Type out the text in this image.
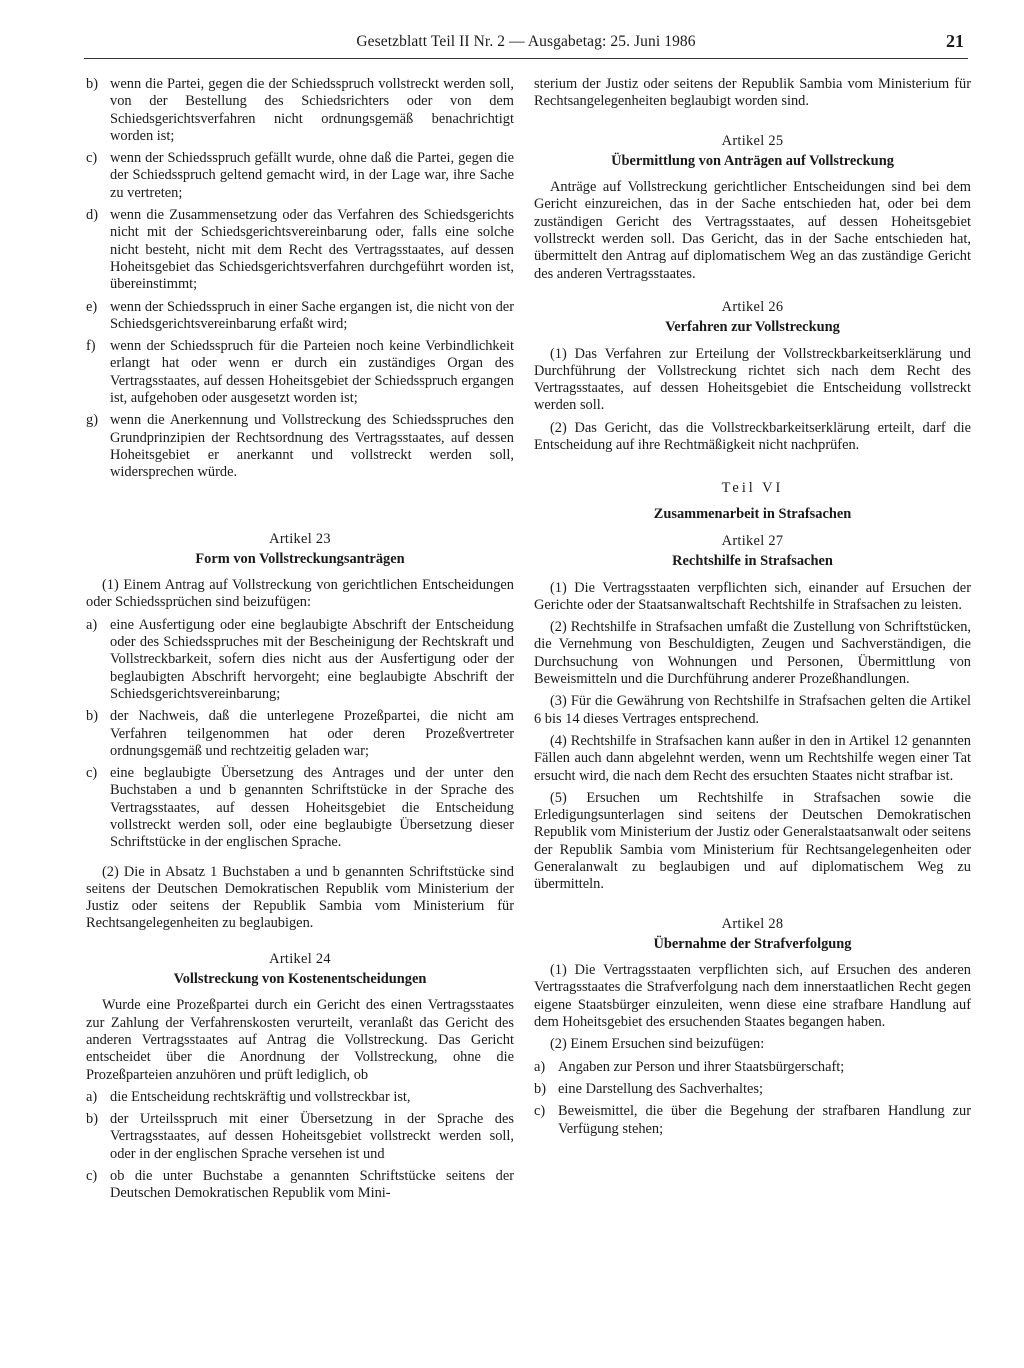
Gesetzblatt Teil II Nr. 2 — Ausgabetag: 25. Juni 1986	21
b) wenn die Partei, gegen die der Schiedsspruch vollstreckt werden soll, von der Bestellung des Schiedsrichters oder von dem Schiedsgerichtsverfahren nicht ordnungsgemäß benachrichtigt worden ist;
c) wenn der Schiedsspruch gefällt wurde, ohne daß die Partei, gegen die der Schiedsspruch geltend gemacht wird, in der Lage war, ihre Sache zu vertreten;
d) wenn die Zusammensetzung oder das Verfahren des Schiedsgerichts nicht mit der Schiedsgerichtsvereinbarung oder, falls eine solche nicht besteht, nicht mit dem Recht des Vertragsstaates, auf dessen Hoheitsgebiet das Schiedsgerichtsverfahren durchgeführt worden ist, übereinstimmt;
e) wenn der Schiedsspruch in einer Sache ergangen ist, die nicht von der Schiedsgerichtsvereinbarung erfaßt wird;
f) wenn der Schiedsspruch für die Parteien noch keine Verbindlichkeit erlangt hat oder wenn er durch ein zuständiges Organ des Vertragsstaates, auf dessen Hoheitsgebiet der Schiedsspruch ergangen ist, aufgehoben oder ausgesetzt worden ist;
g) wenn die Anerkennung und Vollstreckung des Schiedsspruches den Grundprinzipien der Rechtsordnung des Vertragsstaates, auf dessen Hoheitsgebiet er anerkannt und vollstreckt werden soll, widersprechen würde.
Artikel 23
Form von Vollstreckungsanträgen

(1) Einem Antrag auf Vollstreckung von gerichtlichen Entscheidungen oder Schiedssprüchen sind beizufügen:

a) eine Ausfertigung oder eine beglaubigte Abschrift der Entscheidung oder des Schiedsspruches mit der Bescheinigung der Rechtskraft und Vollstreckbarkeit, sofern dies nicht aus der Ausfertigung oder der beglaubigten Abschrift hervorgeht; eine beglaubigte Abschrift der Schiedsgerichtsvereinbarung;
b) der Nachweis, daß die unterlegene Prozeßpartei, die nicht am Verfahren teilgenommen hat oder deren Prozeßvertreter ordnungsgemäß und rechtzeitig geladen war;
c) eine beglaubigte Übersetzung des Antrages und der unter den Buchstaben a und b genannten Schriftstücke in der Sprache des Vertragsstaates, auf dessen Hoheitsgebiet die Entscheidung vollstreckt werden soll, oder eine beglaubigte Übersetzung dieser Schriftstücke in der englischen Sprache.

(2) Die in Absatz 1 Buchstaben a und b genannten Schriftstücke sind seitens der Deutschen Demokratischen Republik vom Ministerium der Justiz oder seitens der Republik Sambia vom Ministerium für Rechtsangelegenheiten zu beglaubigen.

Artikel 24
Vollstreckung von Kostenentscheidungen

Wurde eine Prozeßpartei durch ein Gericht des einen Vertragsstaates zur Zahlung der Verfahrenskosten verurteilt, veranlaßt das Gericht des anderen Vertragsstaates auf Antrag die Vollstreckung. Das Gericht entscheidet über die Anordnung der Vollstreckung, ohne die Prozeßparteien anzuhören und prüft lediglich, ob

a) die Entscheidung rechtskräftig und vollstreckbar ist,
b) der Urteilsspruch mit einer Übersetzung in der Sprache des Vertragsstaates, auf dessen Hoheitsgebiet vollstreckt werden soll, oder in der englischen Sprache versehen ist und
c) ob die unter Buchstabe a genannten Schriftstücke seitens der Deutschen Demokratischen Republik vom Mini-

sterium der Justiz oder seitens der Republik Sambia vom Ministerium für Rechtsangelegenheiten beglaubigt worden sind.

Artikel 25
Übermittlung von Anträgen auf Vollstreckung

Anträge auf Vollstreckung gerichtlicher Entscheidungen sind bei dem Gericht einzureichen, das in der Sache entschieden hat, oder bei dem zuständigen Gericht des Vertragsstaates, auf dessen Hoheitsgebiet vollstreckt werden soll. Das Gericht, das in der Sache entschieden hat, übermittelt den Antrag auf diplomatischem Weg an das zuständige Gericht des anderen Vertragsstaates.

Artikel 26
Verfahren zur Vollstreckung

(1) Das Verfahren zur Erteilung der Vollstreckbarkeitserklärung und Durchführung der Vollstreckung richtet sich nach dem Recht des Vertragsstaates, auf dessen Hoheitsgebiet die Entscheidung vollstreckt werden soll.

(2) Das Gericht, das die Vollstreckbarkeitserklärung erteilt, darf die Entscheidung auf ihre Rechtmäßigkeit nicht nachprüfen.

Teil VI
Zusammenarbeit in Strafsachen
Artikel 27
Rechtshilfe in Strafsachen

(1) Die Vertragsstaaten verpflichten sich, einander auf Ersuchen der Gerichte oder der Staatsanwaltschaft Rechtshilfe in Strafsachen zu leisten.

(2) Rechtshilfe in Strafsachen umfaßt die Zustellung von Schriftstücken, die Vernehmung von Beschuldigten, Zeugen und Sachverständigen, die Durchsuchung von Wohnungen und Personen, Übermittlung von Beweismitteln und die Durchführung anderer Prozeßhandlungen.

(3) Für die Gewährung von Rechtshilfe in Strafsachen gelten die Artikel 6 bis 14 dieses Vertrages entsprechend.

(4) Rechtshilfe in Strafsachen kann außer in den in Artikel 12 genannten Fällen auch dann abgelehnt werden, wenn um Rechtshilfe wegen einer Tat ersucht wird, die nach dem Recht des ersuchten Staates nicht strafbar ist.

(5) Ersuchen um Rechtshilfe in Strafsachen sowie die Erledigungsunterlagen sind seitens der Deutschen Demokratischen Republik vom Ministerium der Justiz oder Generalstaatsanwalt oder seitens der Republik Sambia vom Ministerium für Rechtsangelegenheiten oder Generalanwalt zu beglaubigen und auf diplomatischem Weg zu übermitteln.

Artikel 28
Übernahme der Strafverfolgung

(1) Die Vertragsstaaten verpflichten sich, auf Ersuchen des anderen Vertragsstaates die Strafverfolgung nach dem innerstaatlichen Recht gegen eigene Staatsbürger einzuleiten, wenn diese eine strafbare Handlung auf dem Hoheitsgebiet des ersuchenden Staates begangen haben.

(2) Einem Ersuchen sind beizufügen:

a) Angaben zur Person und ihrer Staatsbürgerschaft;
b) eine Darstellung des Sachverhaltes;
c) Beweismittel, die über die Begehung der strafbaren Handlung zur Verfügung stehen;
